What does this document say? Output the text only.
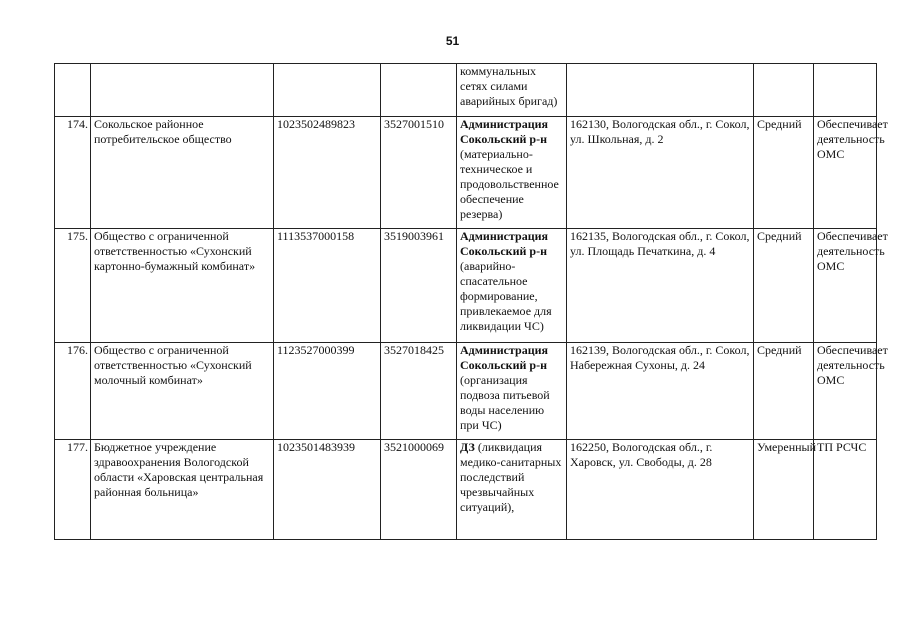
51
				коммунальных сетях силами аварийных бригад)			
174.	Сокольское районное потребительское общество	1023502489823	3527001510	Администрация Сокольский р-н (материально-техническое и продовольственное обеспечение резерва)	162130, Вологодская обл., г. Сокол, ул. Школьная, д. 2	Средний	Обеспечивает деятельность ОМС
175.	Общество с ограниченной ответственностью «Сухонский картонно-бумажный комбинат»	1113537000158	3519003961	Администрация Сокольский р-н (аварийно-спасательное формирование, привлекаемое для ликвидации ЧС)	162135, Вологодская обл., г. Сокол, ул. Площадь Печаткина, д. 4	Средний	Обеспечивает деятельность ОМС
176.	Общество с ограниченной ответственностью «Сухонский молочный комбинат»	1123527000399	3527018425	Администрация Сокольский р-н (организация подвоза питьевой воды населению при ЧС)	162139, Вологодская обл., г. Сокол, Набережная Сухоны, д. 24	Средний	Обеспечивает деятельность ОМС
177.	Бюджетное учреждение здравоохранения Вологодской области «Харовская центральная районная больница»	1023501483939	3521000069	ДЗ (ликвидация медико-санитарных последствий чрезвычайных ситуаций),	162250, Вологодская обл., г. Харовск, ул. Свободы, д. 28	Умеренный	ТП РСЧС
